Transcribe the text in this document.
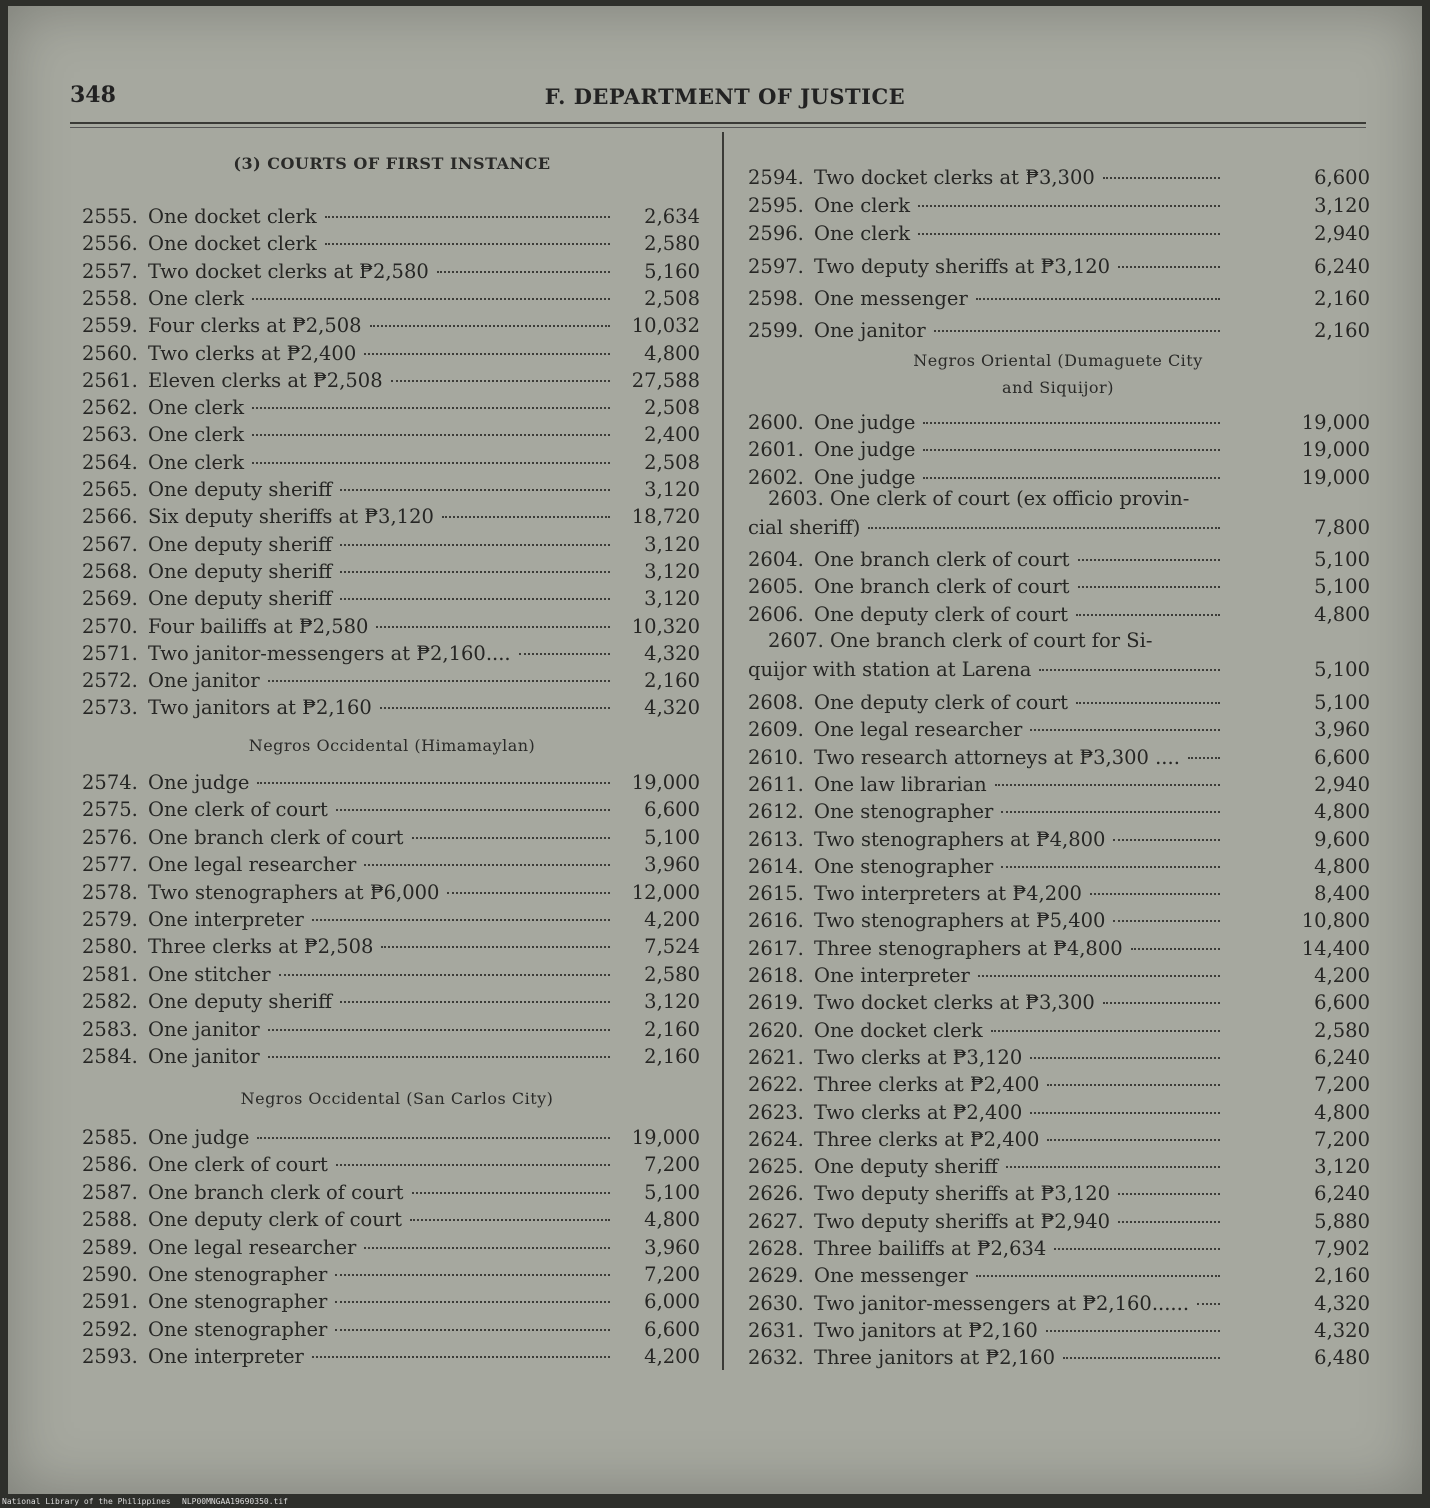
348	F. DEPARTMENT OF JUSTICE
(3) COURTS OF FIRST INSTANCE
Negros Occidental (Himamaylan)
Negros Occidental (San Carlos City)
2555. One docket clerk	2,634
2556. One docket clerk	2,580
2557. Two docket clerks at ₱2,580	5,160
2558. One clerk	2,508
2559. Four clerks at ₱2,508	10,032
2560. Two clerks at ₱2,400	4,800
2561. Eleven clerks at ₱2,508	27,588
2562. One clerk	2,508
2563. One clerk	2,400
2564. One clerk	2,508
2565. One deputy sheriff	3,120
2566. Six deputy sheriffs at ₱3,120	18,720
2567. One deputy sheriff	3,120
2568. One deputy sheriff	3,120
2569. One deputy sheriff	3,120
2570. Four bailiffs at ₱2,580	10,320
2571. Two janitor-messengers at ₱2,160....	4,320
2572. One janitor	2,160
2573. Two janitors at ₱2,160	4,320
2574. One judge	19,000
2575. One clerk of court	6,600
2576. One branch clerk of court	5,100
2577. One legal researcher	3,960
2578. Two stenographers at ₱6,000	12,000
2579. One interpreter	4,200
2580. Three clerks at ₱2,508	7,524
2581. One stitcher	2,580
2582. One deputy sheriff	3,120
2583. One janitor	2,160
2584. One janitor	2,160
2585. One judge	19,000
2586. One clerk of court	7,200
2587. One branch clerk of court	5,100
2588. One deputy clerk of court	4,800
2589. One legal researcher	3,960
2590. One stenographer	7,200
2591. One stenographer	6,000
2592. One stenographer	6,600
2593. One interpreter	4,200
Negros Oriental (Dumaguete City
and Siquijor)
2603. One clerk of court (ex officio provin-
cial sheriff)	7,800
2607. One branch clerk of court for Si-
quijor with station at Larena	5,100
2594. Two docket clerks at ₱3,300	6,600
2595. One clerk	3,120
2596. One clerk	2,940
2597. Two deputy sheriffs at ₱3,120	6,240
2598. One messenger	2,160
2599. One janitor	2,160
2600. One judge	19,000
2601. One judge	19,000
2602. One judge	19,000
2604. One branch clerk of court	5,100
2605. One branch clerk of court	5,100
2606. One deputy clerk of court	4,800
2608. One deputy clerk of court	5,100
2609. One legal researcher	3,960
2610. Two research attorneys at ₱3,300 ....	6,600
2611. One law librarian	2,940
2612. One stenographer	4,800
2613. Two stenographers at ₱4,800	9,600
2614. One stenographer	4,800
2615. Two interpreters at ₱4,200	8,400
2616. Two stenographers at ₱5,400	10,800
2617. Three stenographers at ₱4,800	14,400
2618. One interpreter	4,200
2619. Two docket clerks at ₱3,300	6,600
2620. One docket clerk	2,580
2621. Two clerks at ₱3,120	6,240
2622. Three clerks at ₱2,400	7,200
2623. Two clerks at ₱2,400	4,800
2624. Three clerks at ₱2,400	7,200
2625. One deputy sheriff	3,120
2626. Two deputy sheriffs at ₱3,120	6,240
2627. Two deputy sheriffs at ₱2,940	5,880
2628. Three bailiffs at ₱2,634	7,902
2629. One messenger	2,160
2630. Two janitor-messengers at ₱2,160......	4,320
2631. Two janitors at ₱2,160	4,320
2632. Three janitors at ₱2,160	6,480
National Library of the Philippines NLP00MNGAA19690350.tif
